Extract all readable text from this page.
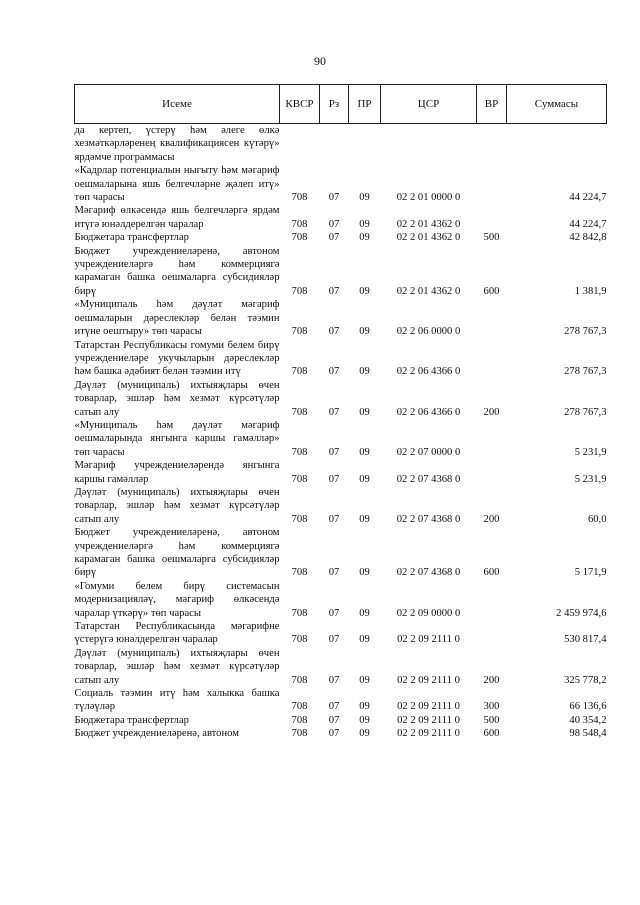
90
Исеме	КВСР	Рз	ПР	ЦСР	ВР	Суммасы
да кертеп, үстерү һәм әлеге өлкә хезмәткәрләренең квалификациясен күтәрү» ярдәмче программасы						
«Кадрлар потенциалын ныгыту һәм мәгариф оешмаларына яшь белгечләрне җәлеп итү» төп чарасы	708	07	09	02 2 01 0000 0		44 224,7
Мәгариф өлкәсендә яшь белгечләргә ярдәм итүгә юнәлдерелгән чаралар	708	07	09	02 2 01 4362 0		44 224,7
Бюджетара трансфертлар	708	07	09	02 2 01 4362 0	500	42 842,8
Бюджет учреждениеләренә, автоном учреждениеләргә һәм коммерциягә карамаган башка оешмаларга субсидияләр бирү	708	07	09	02 2 01 4362 0	600	1 381,9
«Муниципаль һәм дәүләт мәгариф оешмаларын дәреслекләр белән тәэмин итүне оештыру» төп чарасы	708	07	09	02 2 06 0000 0		278 767,3
Татарстан Республикасы гомуми белем бирү учреждениеләре укучыларын дәреслекләр һәм башка әдәбият белән тәэмин итү	708	07	09	02 2 06 4366 0		278 767,3
Дәүләт (муниципаль) ихтыяҗлары өчен товарлар, эшләр һәм хезмәт күрсәтүләр сатып алу	708	07	09	02 2 06 4366 0	200	278 767,3
«Муниципаль һәм дәүләт мәгариф оешмаларында янгынга каршы гамәлләр» төп чарасы	708	07	09	02 2 07 0000 0		5 231,9
Мәгариф учреждениеләрендә янгынга каршы гамәлләр	708	07	09	02 2 07 4368 0		5 231,9
Дәүләт (муниципаль) ихтыяҗлары өчен товарлар, эшләр һәм хезмәт күрсәтүләр сатып алу	708	07	09	02 2 07 4368 0	200	60,0
Бюджет учреждениеләренә, автоном учреждениеләргә һәм коммерциягә карамаган башка оешмаларга субсидияләр бирү	708	07	09	02 2 07 4368 0	600	5 171,9
«Гомуми белем бирү системасын модернизацияләү, мәгариф өлкәсендә чаралар үткәрү» төп чарасы	708	07	09	02 2 09 0000 0		2 459 974,6
Татарстан Республикасында мәгарифне үстерүгә юнәлдерелгән чаралар	708	07	09	02 2 09 2111 0		530 817,4
Дәүләт (муниципаль) ихтыяҗлары өчен товарлар, эшләр һәм хезмәт күрсәтүләр сатып алу	708	07	09	02 2 09 2111 0	200	325 778,2
Социаль тәэмин итү һәм халыкка башка түләүләр	708	07	09	02 2 09 2111 0	300	66 136,6
Бюджетара трансфертлар	708	07	09	02 2 09 2111 0	500	40 354,2
Бюджет учреждениеләренә, автоном	708	07	09	02 2 09 2111 0	600	98 548,4
